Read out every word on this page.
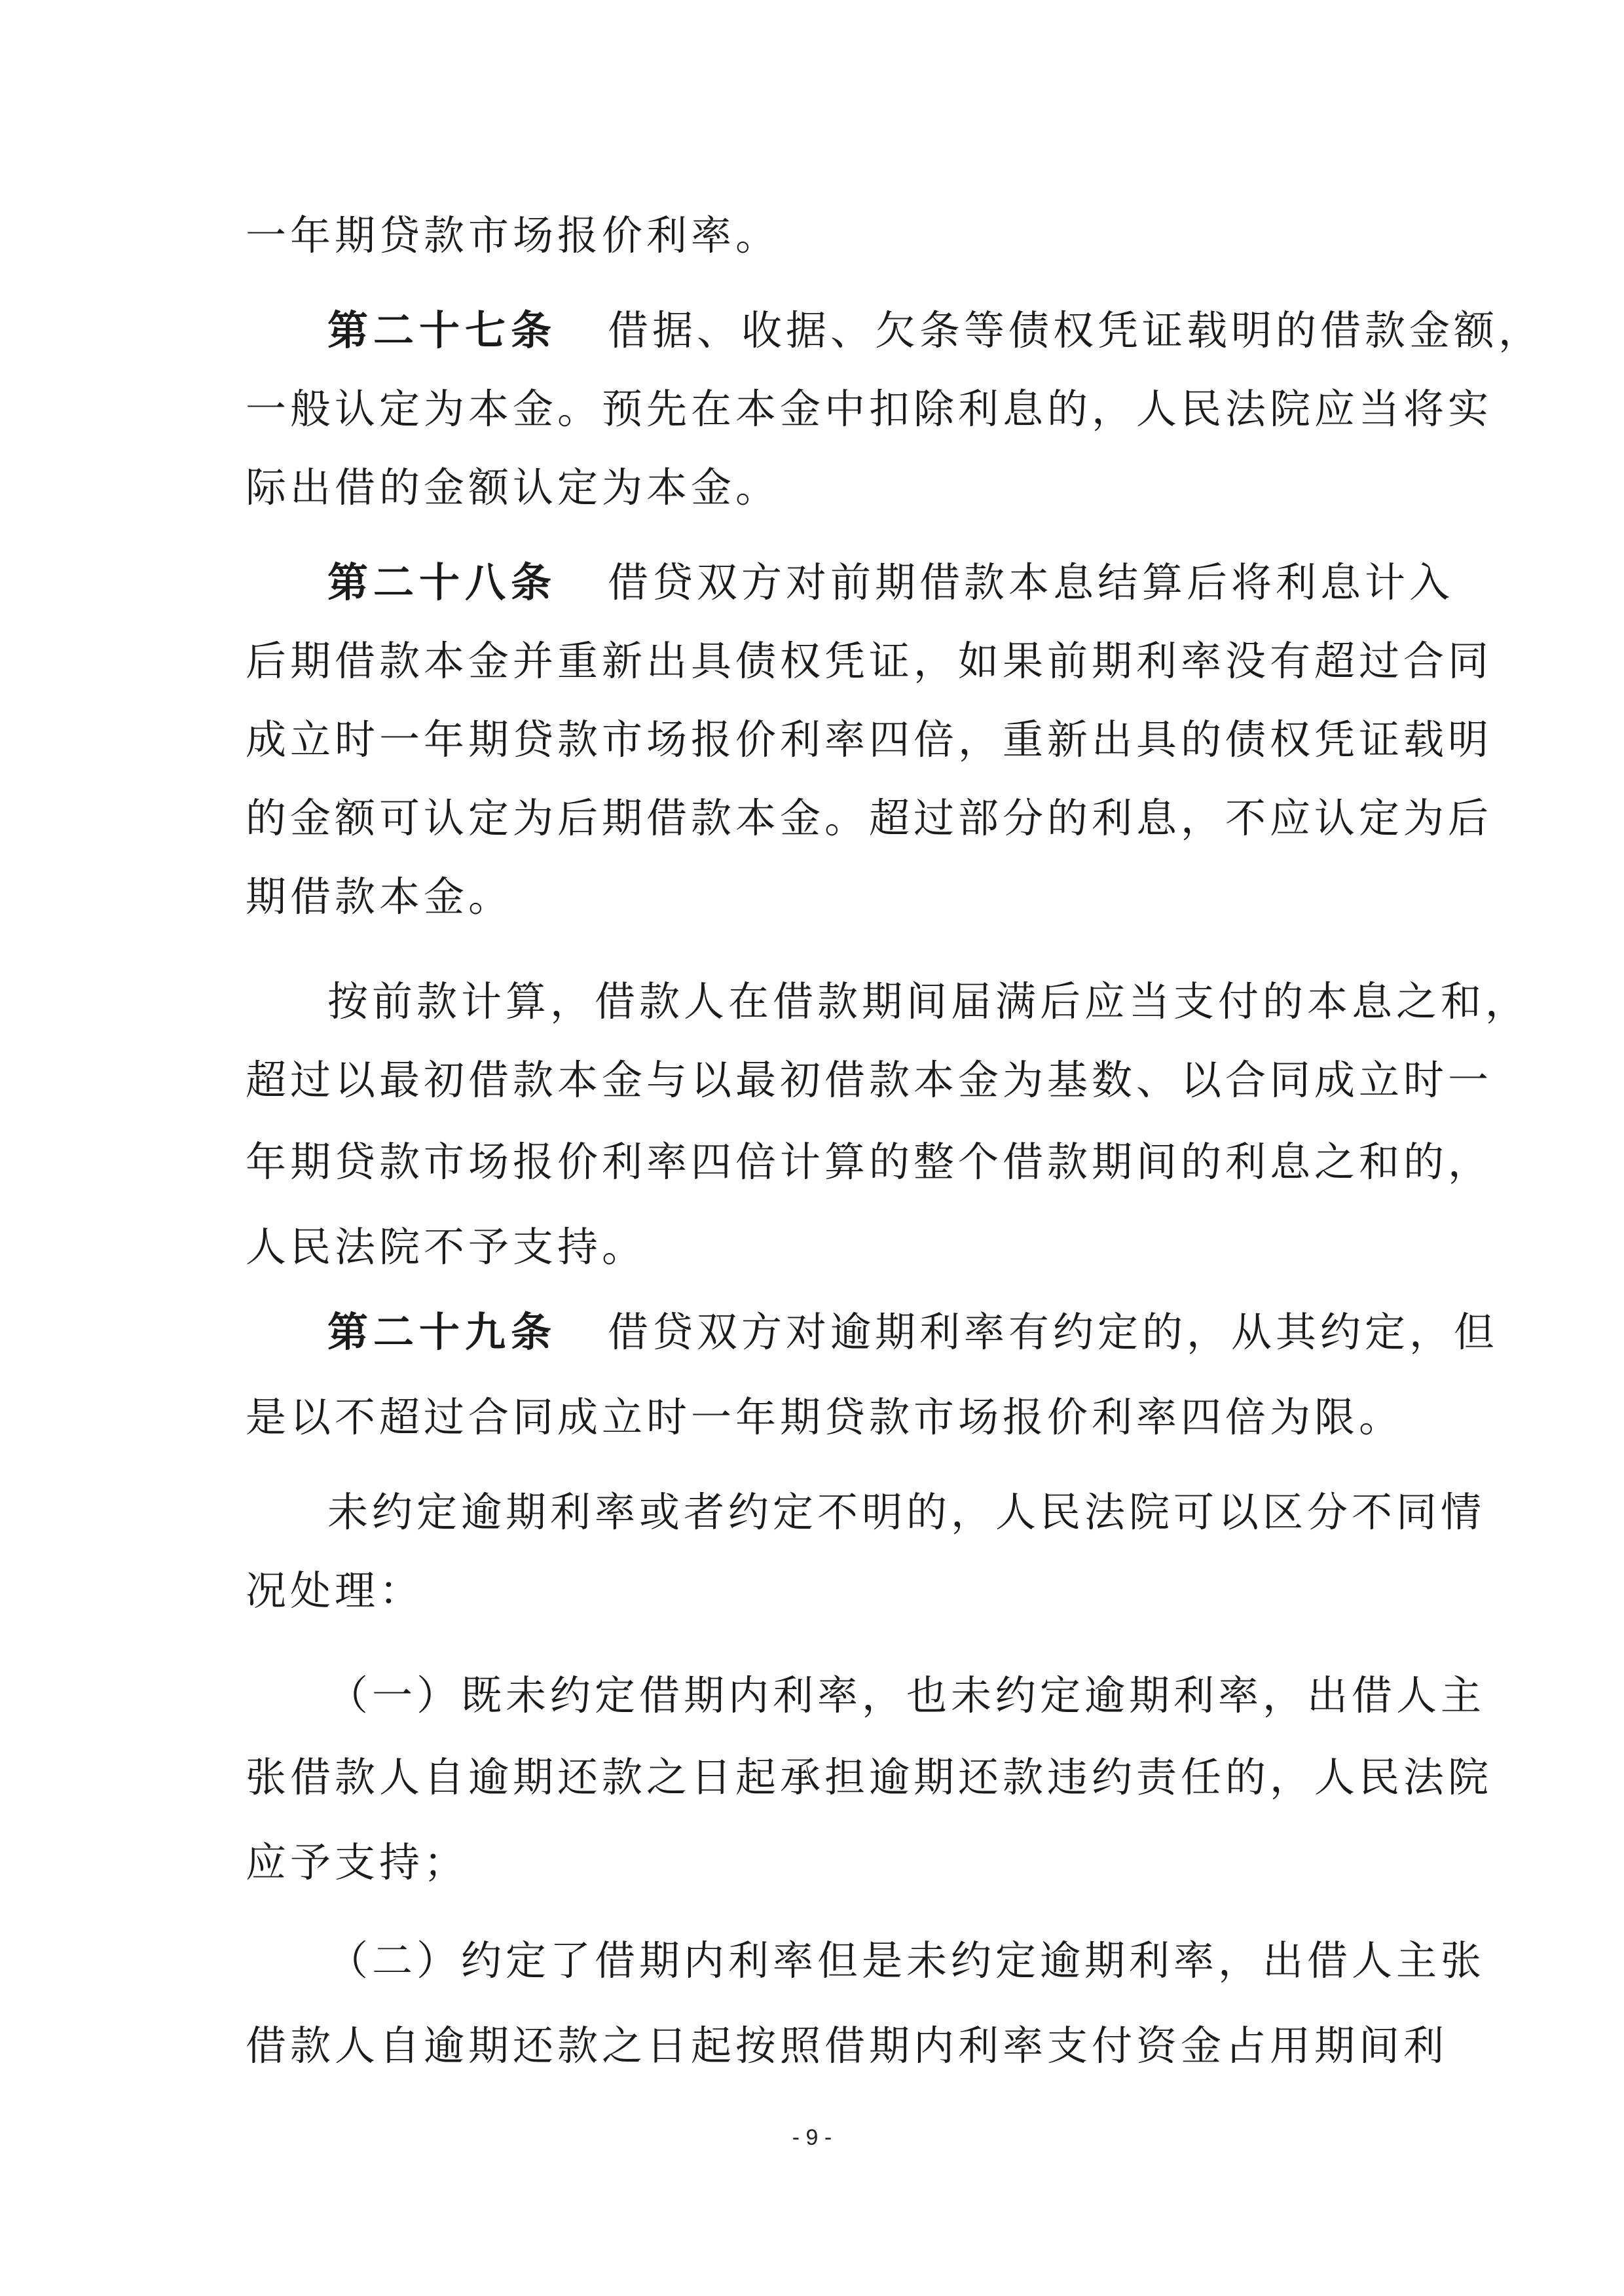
一年期贷款市场报价利率。
第二十七条 借据、收据、欠条等债权凭证载明的借款金额，
一般认定为本金。预先在本金中扣除利息的，人民法院应当将实
际出借的金额认定为本金。
第二十八条 借贷双方对前期借款本息结算后将利息计入
后期借款本金并重新出具债权凭证，如果前期利率没有超过合同
成立时一年期贷款市场报价利率四倍，重新出具的债权凭证载明
的金额可认定为后期借款本金。超过部分的利息，不应认定为后
期借款本金。
按前款计算，借款人在借款期间届满后应当支付的本息之和，
超过以最初借款本金与以最初借款本金为基数、以合同成立时一
年期贷款市场报价利率四倍计算的整个借款期间的利息之和的，
人民法院不予支持。
第二十九条 借贷双方对逾期利率有约定的，从其约定，但
是以不超过合同成立时一年期贷款市场报价利率四倍为限。
未约定逾期利率或者约定不明的，人民法院可以区分不同情
况处理：
（一）既未约定借期内利率，也未约定逾期利率，出借人主
张借款人自逾期还款之日起承担逾期还款违约责任的，人民法院
应予支持；
（二）约定了借期内利率但是未约定逾期利率，出借人主张
借款人自逾期还款之日起按照借期内利率支付资金占用期间利
- 9 -
